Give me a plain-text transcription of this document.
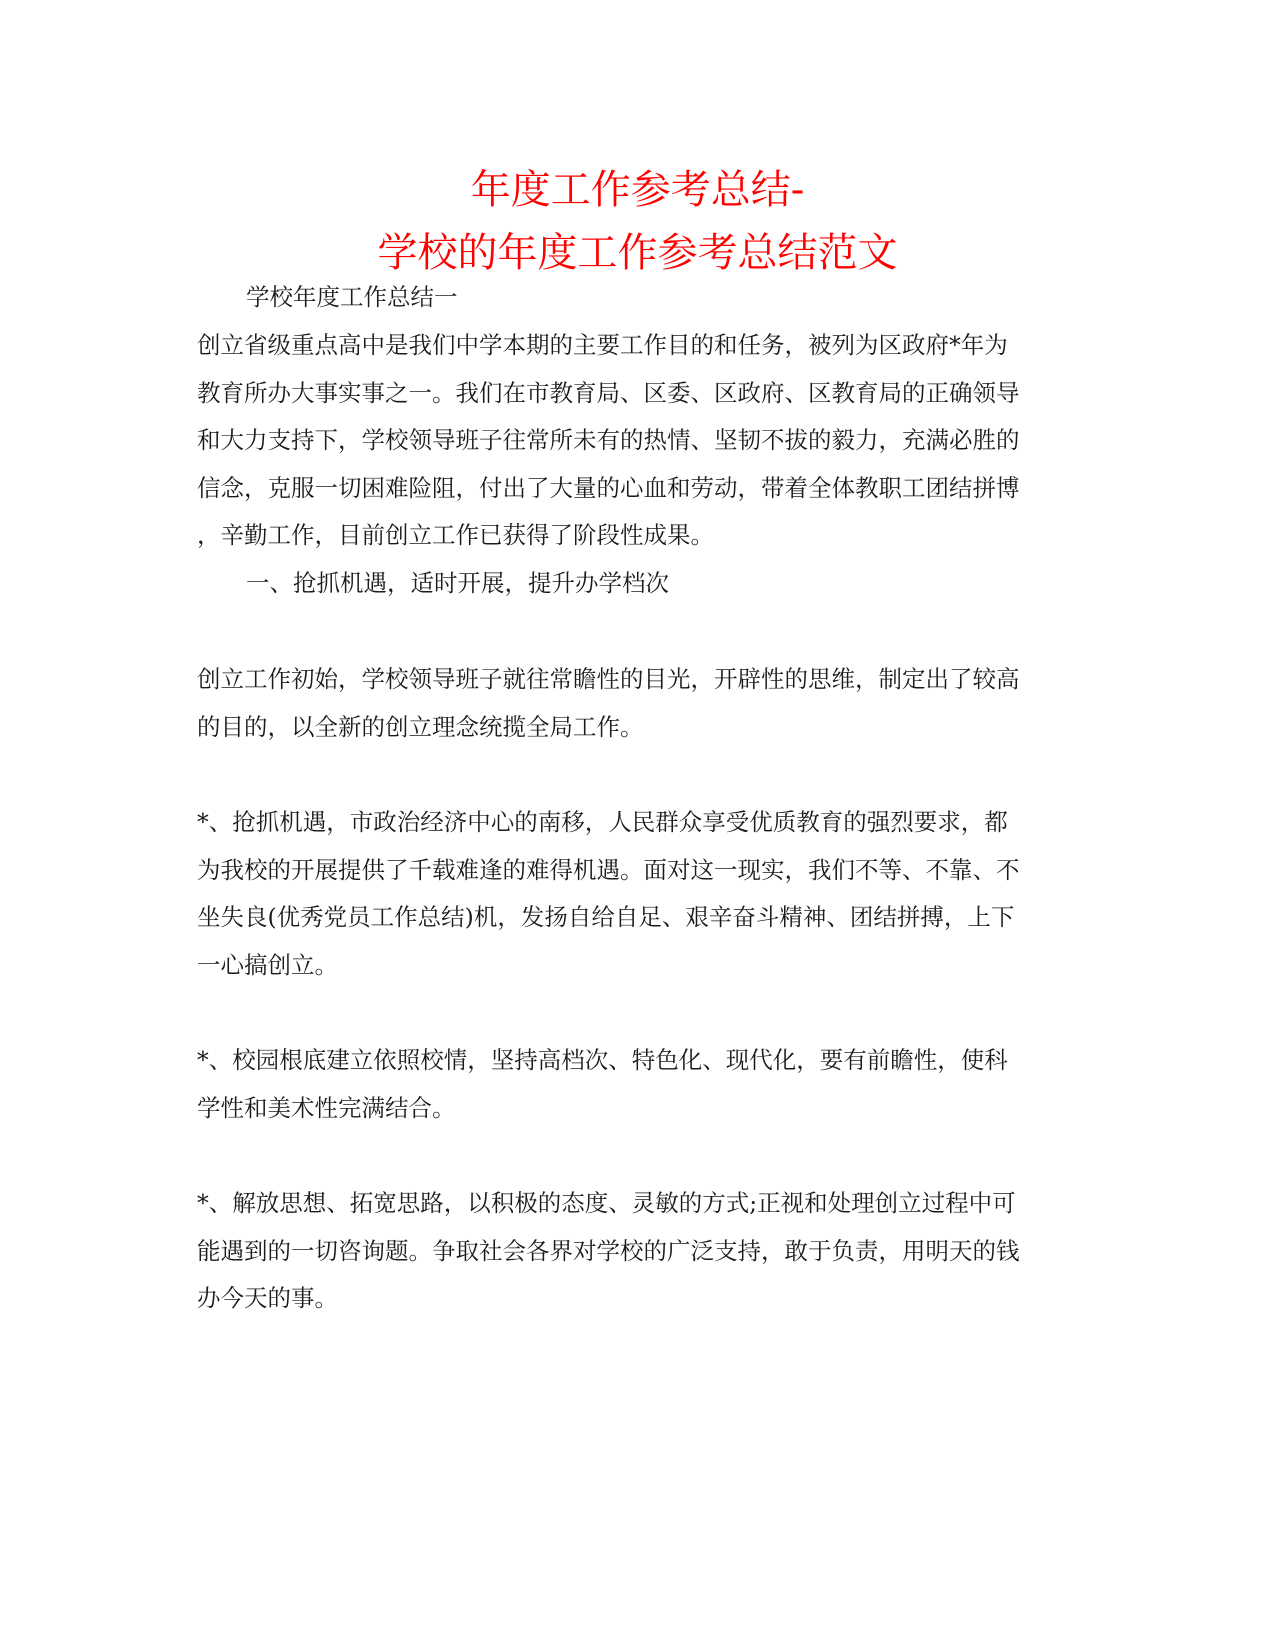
年度工作参考总结-
学校的年度工作参考总结范文
学校年度工作总结一
创立省级重点高中是我们中学本期的主要工作目的和任务，被列为区政府*年为
教育所办大事实事之一。我们在市教育局、区委、区政府、区教育局的正确领导
和大力支持下，学校领导班子往常所未有的热情、坚韧不拔的毅力，充满必胜的
信念，克服一切困难险阻，付出了大量的心血和劳动，带着全体教职工团结拼博
，辛勤工作，目前创立工作已获得了阶段性成果。
一、抢抓机遇，适时开展，提升办学档次
创立工作初始，学校领导班子就往常瞻性的目光，开辟性的思维，制定出了较高
的目的，以全新的创立理念统揽全局工作。
*、抢抓机遇，市政治经济中心的南移，人民群众享受优质教育的强烈要求，都
为我校的开展提供了千载难逢的难得机遇。面对这一现实，我们不等、不靠、不
坐失良(优秀党员工作总结)机，发扬自给自足、艰辛奋斗精神、团结拼搏，上下
一心搞创立。
*、校园根底建立依照校情，坚持高档次、特色化、现代化，要有前瞻性，使科
学性和美术性完满结合。
*、解放思想、拓宽思路，以积极的态度、灵敏的方式;正视和处理创立过程中可
能遇到的一切咨询题。争取社会各界对学校的广泛支持，敢于负责，用明天的钱
办今天的事。
